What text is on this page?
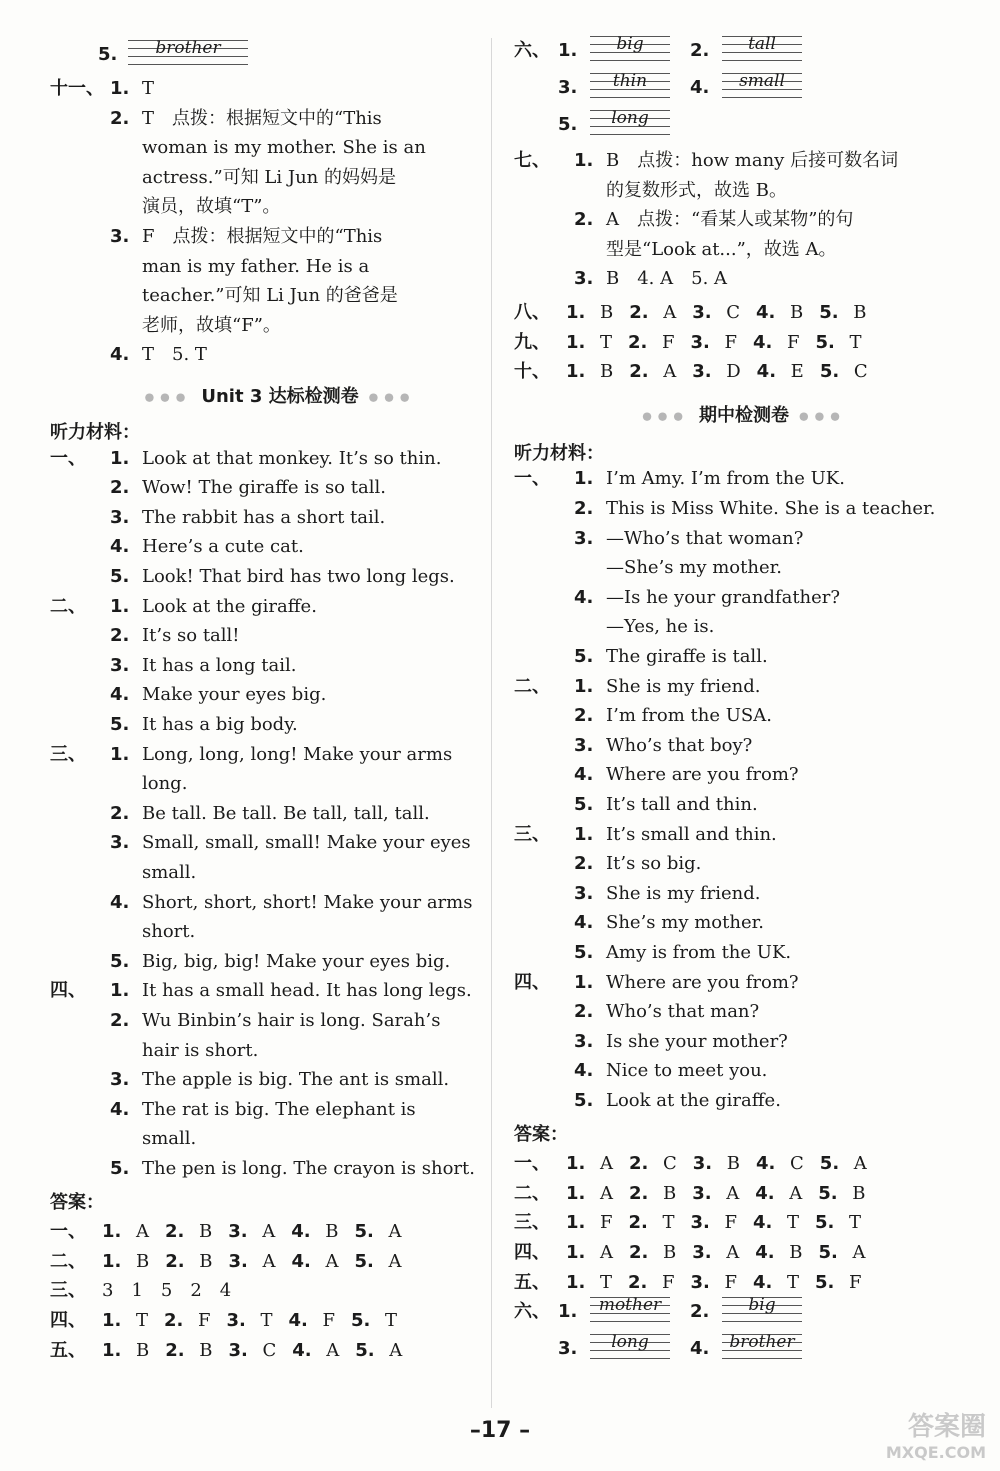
5.	brother
十一、 1. T
2. T　点拨：根据短文中的“This
woman is my mother. She is an
actress.”可知 Li Jun 的妈妈是
演员，故填“T”。
3. F　点拨：根据短文中的“This
man is my father. He is a
teacher.”可知 Li Jun 的爸爸是
老师，故填“F”。
4. T　5. T
●●● Unit 3 达标检测卷 ●●●
听力材料：
一、 1. Look at that monkey. It’s so thin.
2. Wow! The giraffe is so tall.
3. The rabbit has a short tail.
4. Here’s a cute cat.
5. Look! That bird has two long legs.
二、 1. Look at the giraffe.
2. It’s so tall!
3. It has a long tail.
4. Make your eyes big.
5. It has a big body.
三、 1. Long, long, long! Make your arms
long.
2. Be tall. Be tall. Be tall, tall, tall.
3. Small, small, small! Make your eyes
small.
4. Short, short, short! Make your arms
short.
5. Big, big, big! Make your eyes big.
四、 1. It has a small head. It has long legs.
2. Wu Binbin’s hair is long. Sarah’s
hair is short.
3. The apple is big. The ant is small.
4. The rat is big. The elephant is
small.
5. The pen is long. The crayon is short.
答案：
一、 1. A 2. B 3. A 4. B 5. A
二、 1. B 2. B 3. A 4. A 5. A
三、 3　1　5　2　4
四、 1. T 2. F 3. T 4. F 5. T
五、 1. B 2. B 3. C 4. A 5. A
六、 1.	big	2.	tall
3.	thin	4.	small
5.	long
七、 1. B　点拨：how many 后接可数名词
的复数形式，故选 B。
2. A　点拨：“看某人或某物”的句
型是“Look at...”，故选 A。
3. B　4. A　5. A
八、 1. B 2. A 3. C 4. B 5. B
九、 1. T 2. F 3. F 4. F 5. T
十、 1. B 2. A 3. D 4. E 5. C
●●● 期中检测卷 ●●●
听力材料：
一、 1. I’m Amy. I’m from the UK.
2. This is Miss White. She is a teacher.
3. —Who’s that woman?
—She’s my mother.
4. —Is he your grandfather?
—Yes, he is.
5. The giraffe is tall.
二、 1. She is my friend.
2. I’m from the USA.
3. Who’s that boy?
4. Where are you from?
5. It’s tall and thin.
三、 1. It’s small and thin.
2. It’s so big.
3. She is my friend.
4. She’s my mother.
5. Amy is from the UK.
四、 1. Where are you from?
2. Who’s that man?
3. Is she your mother?
4. Nice to meet you.
5. Look at the giraffe.
答案：
一、 1. A 2. C 3. B 4. C 5. A
二、 1. A 2. B 3. A 4. A 5. B
三、 1. F 2. T 3. F 4. T 5. T
四、 1. A 2. B 3. A 4. B 5. A
五、 1. T 2. F 3. F 4. T 5. F
六、 1.	mother	2.	big
3.	long	4.	brother
–17 –	答案圈
MXQE.COM
